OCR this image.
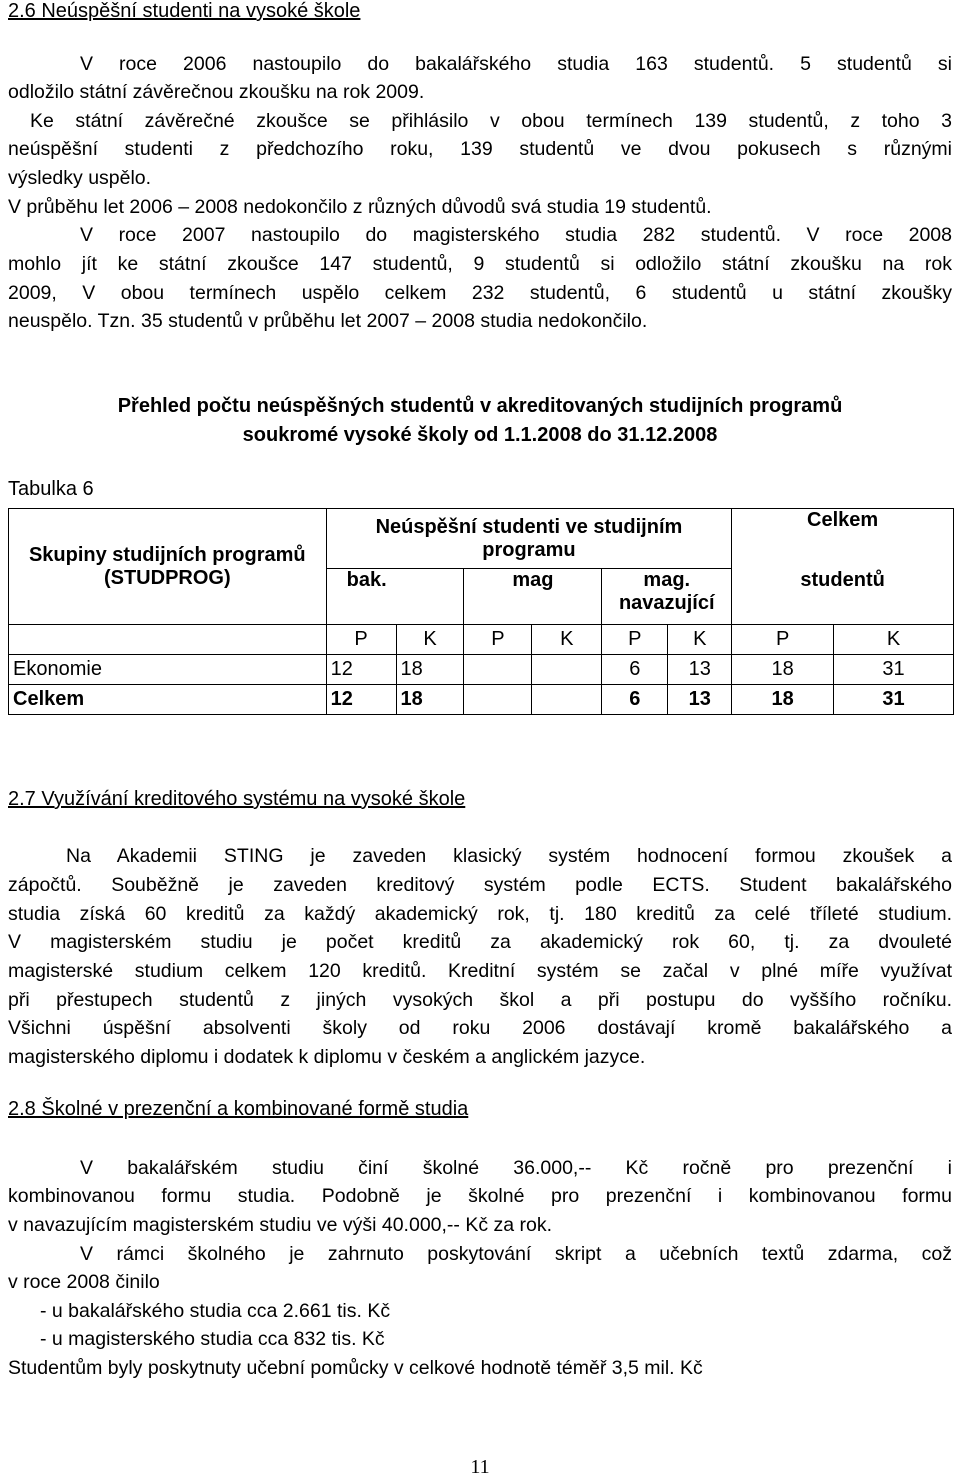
2.6 Neúspěšní studenti na vysoké škole
V roce 2006 nastoupilo do bakalářského studia 163 studentů. 5 studentů si
odložilo státní závěrečnou zkoušku na rok 2009.
Ke státní závěrečné zkoušce se přihlásilo v obou termínech 139 studentů, z toho 3
neúspěšní studenti z předchozího roku, 139 studentů ve dvou pokusech s různými
výsledky uspělo.
V průběhu let 2006 – 2008 nedokončilo z různých důvodů svá studia 19 studentů.
V roce 2007 nastoupilo do magisterského studia 282 studentů. V roce 2008
mohlo jít ke státní zkoušce 147 studentů, 9 studentů si odložilo státní zkoušku na rok
2009, V obou termínech uspělo celkem 232 studentů, 6 studentů u státní zkoušky
neuspělo. Tzn. 35 studentů v průběhu let 2007 – 2008 studia nedokončilo.
Přehled počtu neúspěšných studentů v akreditovaných studijních programů
soukromé vysoké školy od 1.1.2008 do 31.12.2008
Tabulka 6
Skupiny studijních programů (STUDPROG)	Neúspěšní studenti ve studijním programu						Celkem	
	bak.		mag		mag. navazující		studentů	
	P	K	P	K	P	K	P	K
Ekonomie	12	18			6	13	18	31
Celkem	12	18			6	13	18	31
2.7 Využívání kreditového systému na vysoké škole
Na Akademii STING je zaveden klasický systém hodnocení formou zkoušek a
zápočtů. Souběžně je zaveden kreditový systém podle ECTS. Student bakalářského
studia získá 60 kreditů za každý akademický rok, tj. 180 kreditů za celé tříleté studium.
V magisterském studiu je počet kreditů za akademický rok 60, tj. za dvouleté
magisterské studium celkem 120 kreditů. Kreditní systém se začal v plné míře využívat
při přestupech studentů z jiných vysokých škol a při postupu do vyššího ročníku.
Všichni úspěšní absolventi školy od roku 2006 dostávají kromě bakalářského a
magisterského diplomu i dodatek k diplomu v českém a anglickém jazyce.
2.8 Školné v prezenční a kombinované formě studia
V bakalářském studiu činí školné 36.000,-- Kč ročně pro prezenční i
kombinovanou formu studia. Podobně je školné pro prezenční i kombinovanou formu
v navazujícím magisterském studiu ve výši 40.000,-- Kč za rok.
V rámci školného je zahrnuto poskytování skript a učebních textů zdarma, což
v roce 2008 činilo
- u bakalářského studia cca 2.661 tis. Kč
- u magisterského studia cca 832 tis. Kč
Studentům byly poskytnuty učební pomůcky v celkové hodnotě téměř 3,5 mil. Kč
11
